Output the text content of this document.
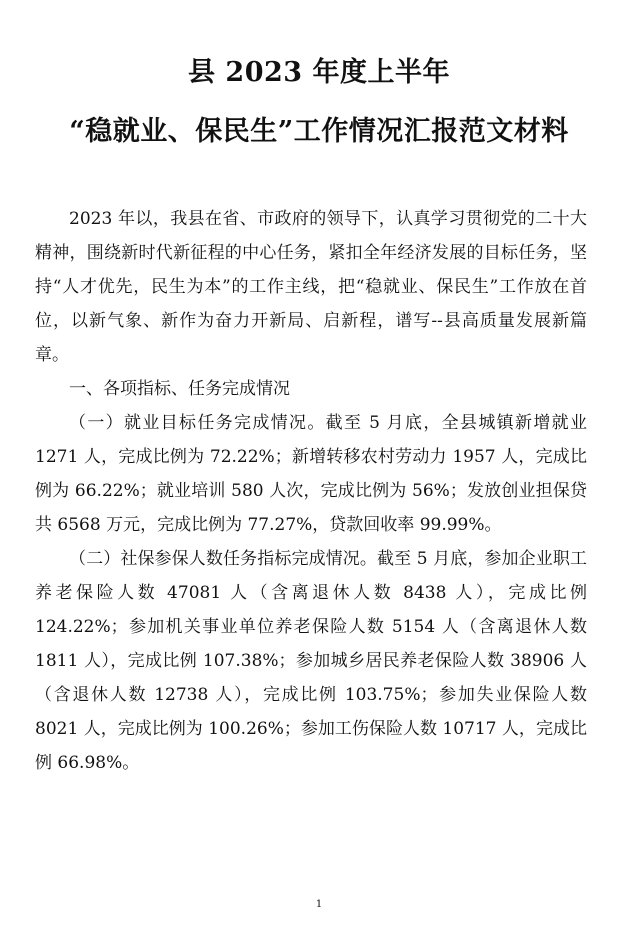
县 2023 年度上半年
“稳就业、保民生”工作情况汇报范文材料

2023 年以，我县在省、市政府的领导下，认真学习贯彻党的二十大精神，围绕新时代新征程的中心任务，紧扣全年经济发展的目标任务，坚持“人才优先，民生为本”的工作主线，把“稳就业、保民生”工作放在首位，以新气象、新作为奋力开新局、启新程，谱写--县高质量发展新篇章。

一、各项指标、任务完成情况

（一）就业目标任务完成情况。截至 5 月底，全县城镇新增就业 1271 人，完成比例为 72.22%；新增转移农村劳动力 1957 人，完成比例为 66.22%；就业培训 580 人次，完成比例为 56%；发放创业担保贷共 6568 万元，完成比例为 77.27%，贷款回收率 99.99%。

（二）社保参保人数任务指标完成情况。截至 5 月底，参加企业职工养老保险人数 47081 人（含离退休人数 8438 人），完成比例 124.22%；参加机关事业单位养老保险人数 5154 人（含离退休人数 1811 人），完成比例 107.38%；参加城乡居民养老保险人数 38906 人（含退休人数 12738 人），完成比例 103.75%；参加失业保险人数 8021 人，完成比例为 100.26%；参加工伤保险人数 10717 人，完成比例 66.98%。

1
